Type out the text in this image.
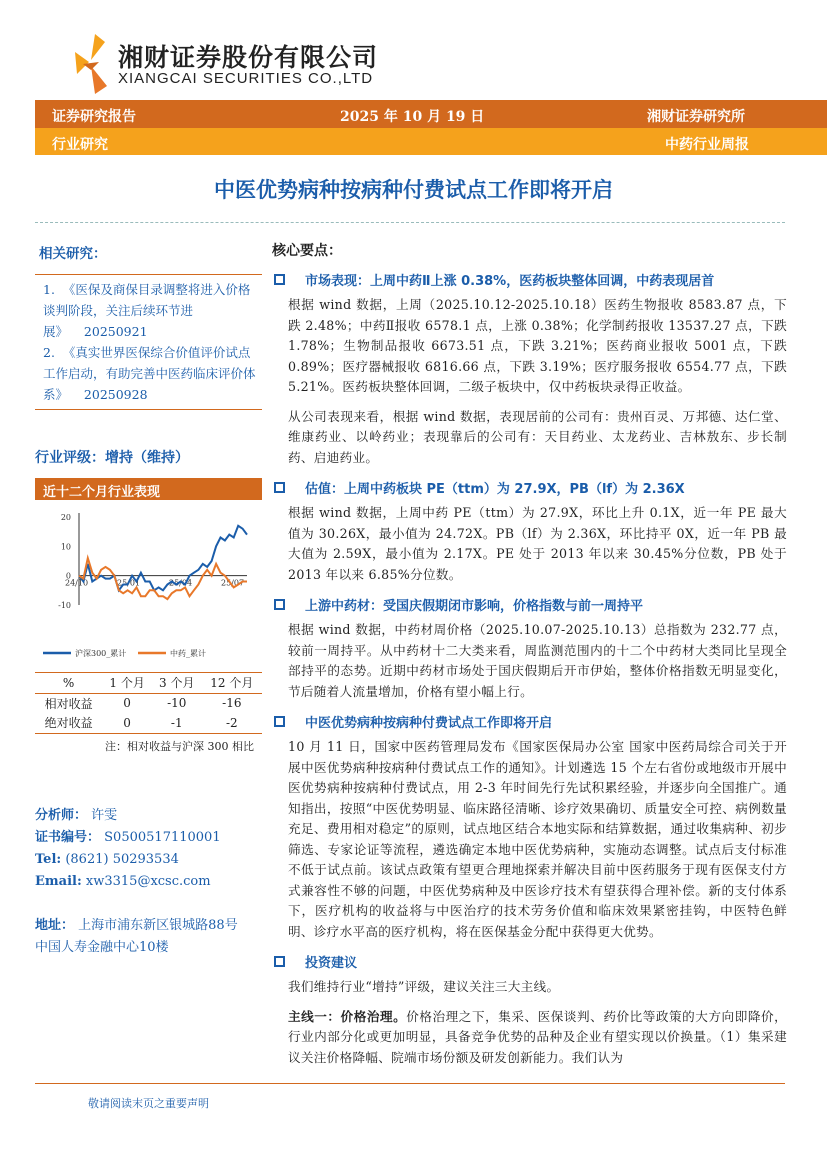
湘财证券股份有限公司
XIANGCAI SECURITIES CO.,LTD
证券研究报告	2025 年 10 月 19 日	湘财证券研究所
行业研究	中药行业周报
中医优势病种按病种付费试点工作即将开启
相关研究：
1. 《医保及商保目录调整将进入价格谈判阶段，关注后续环节进展》 20250921
2. 《真实世界医保综合价值评价试点工作启动，有助完善中医药临床评价体系》 20250928
行业评级：增持（维持）
近十二个月行业表现
20
10
0
-10
24/10	25/01	25/04	25/07
沪深300_累计	中药_累计
%	1 个月	3 个月	12 个月
相对收益	0	-10	-16
绝对收益	0	-1	-2
注：相对收益与沪深 300 相比
分析师： 许雯
证书编号： S0500517110001
Tel: (8621) 50293534
Email: xw3315@xcsc.com
地址： 上海市浦东新区银城路88号
中国人寿金融中心10楼
核心要点：
市场表现：上周中药Ⅱ上涨 0.38%，医药板块整体回调，中药表现居首
根据 wind 数据，上周（2025.10.12-2025.10.18）医药生物报收 8583.87 点，下跌 2.48%；中药Ⅱ报收 6578.1 点，上涨 0.38%；化学制药报收 13537.27 点，下跌 1.78%；生物制品报收 6673.51 点，下跌 3.21%；医药商业报收 5001 点，下跌 0.89%；医疗器械报收 6816.66 点，下跌 3.19%；医疗服务报收 6554.77 点，下跌 5.21%。医药板块整体回调，二级子板块中，仅中药板块录得正收益。
从公司表现来看，根据 wind 数据，表现居前的公司有：贵州百灵、万邦德、达仁堂、维康药业、以岭药业；表现靠后的公司有：天目药业、太龙药业、吉林敖东、步长制药、启迪药业。
估值：上周中药板块 PE（ttm）为 27.9X，PB（lf）为 2.36X
根据 wind 数据，上周中药 PE（ttm）为 27.9X，环比上升 0.1X，近一年 PE 最大值为 30.26X，最小值为 24.72X。PB（lf）为 2.36X，环比持平 0X，近一年 PB 最大值为 2.59X，最小值为 2.17X。PE 处于 2013 年以来 30.45%分位数，PB 处于 2013 年以来 6.85%分位数。
上游中药材：受国庆假期闭市影响，价格指数与前一周持平
根据 wind 数据，中药材周价格（2025.10.07-2025.10.13）总指数为 232.77 点，较前一周持平。从中药材十二大类来看，周监测范围内的十二个中药材大类同比呈现全部持平的态势。近期中药材市场处于国庆假期后开市伊始，整体价格指数无明显变化，节后随着人流量增加，价格有望小幅上行。
中医优势病种按病种付费试点工作即将开启
10 月 11 日，国家中医药管理局发布《国家医保局办公室 国家中医药局综合司关于开展中医优势病种按病种付费试点工作的通知》。计划遴选 15 个左右省份或地级市开展中医优势病种按病种付费试点，用 2-3 年时间先行先试积累经验，并逐步向全国推广。通知指出，按照“中医优势明显、临床路径清晰、诊疗效果确切、质量安全可控、病例数量充足、费用相对稳定”的原则，试点地区结合本地实际和结算数据，通过收集病种、初步筛选、专家论证等流程，遴选确定本地中医优势病种，实施动态调整。试点后支付标准不低于试点前。该试点政策有望更合理地探索并解决目前中医药服务于现有医保支付方式兼容性不够的问题，中医优势病种及中医诊疗技术有望获得合理补偿。新的支付体系下，医疗机构的收益将与中医治疗的技术劳务价值和临床效果紧密挂钩，中医特色鲜明、诊疗水平高的医疗机构，将在医保基金分配中获得更大优势。
投资建议
我们维持行业“增持”评级，建议关注三大主线。
主线一：价格治理。价格治理之下，集采、医保谈判、药价比等政策的大方向即降价，行业内部分化或更加明显，具备竞争优势的品种及企业有望实现以价换量。（1）集采建议关注价格降幅、院端市场份额及研发创新能力。我们认为
敬请阅读末页之重要声明
